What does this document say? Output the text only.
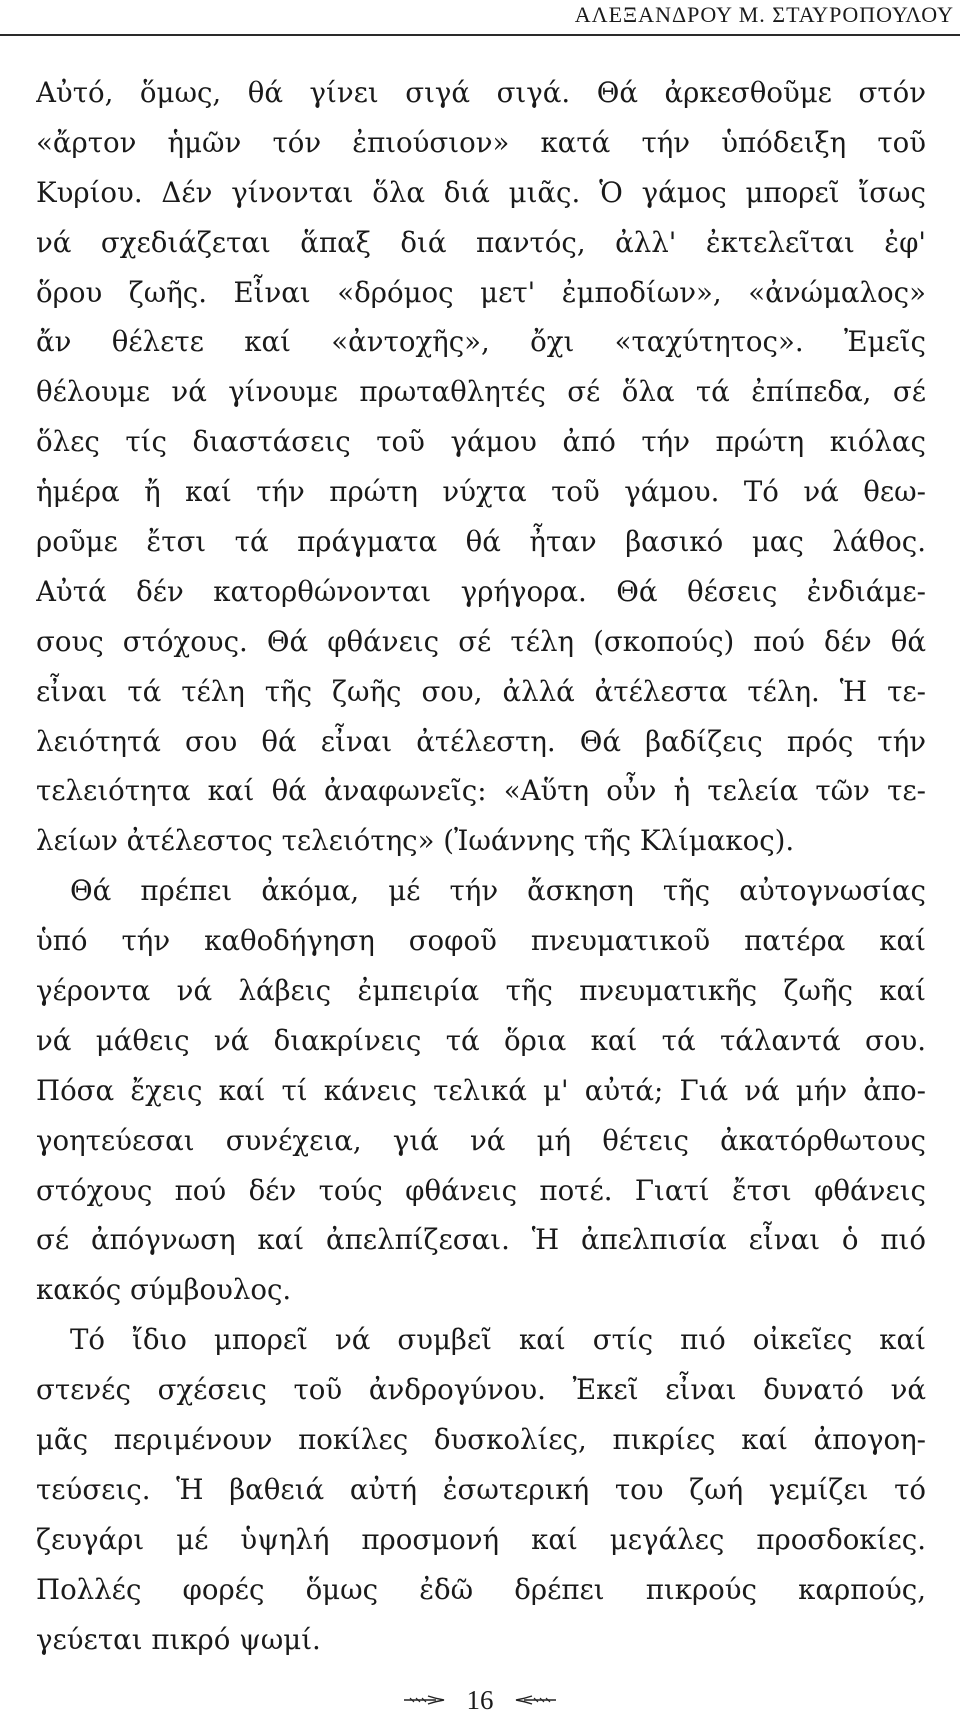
ΑΛΕΞΑΝΔΡΟΥ Μ. ΣΤΑΥΡΟΠΟΥΛΟΥ
Αὐτό, ὅμως, θά γίνει σιγά σιγά. Θά ἀρκεσθοῦμε στόν
«ἄρτον ἡμῶν τόν ἐπιούσιον» κατά τήν ὑπόδειξη τοῦ
Κυρίου. Δέν γίνονται ὅλα διά μιᾶς. Ὁ γάμος μπορεῖ ἴσως
νά σχεδιάζεται ἅπαξ διά παντός, ἀλλ' ἐκτελεῖται ἐφ'
ὅρου ζωῆς. Εἶναι «δρόμος μετ' ἐμποδίων», «ἀνώμαλος»
ἄν θέλετε καί «ἀντοχῆς», ὄχι «ταχύτητος». Ἐμεῖς
θέλουμε νά γίνουμε πρωταθλητές σέ ὅλα τά ἐπίπεδα, σέ
ὅλες τίς διαστάσεις τοῦ γάμου ἀπό τήν πρώτη κιόλας
ἡμέρα ἤ καί τήν πρώτη νύχτα τοῦ γάμου. Τό νά θεω-
ροῦμε ἔτσι τά πράγματα θά ἦταν βασικό μας λάθος.
Αὐτά δέν κατορθώνονται γρήγορα. Θά θέσεις ἐνδιάμε-
σους στόχους. Θά φθάνεις σέ τέλη (σκοπούς) πού δέν θά
εἶναι τά τέλη τῆς ζωῆς σου, ἀλλά ἀτέλεστα τέλη. Ἡ τε-
λειότητά σου θά εἶναι ἀτέλεστη. Θά βαδίζεις πρός τήν
τελειότητα καί θά ἀναφωνεῖς: «Αὕτη οὖν ἡ τελεία τῶν τε-
λείων ἀτέλεστος τελειότης» (Ἰωάννης τῆς Κλίμακος).
Θά πρέπει ἀκόμα, μέ τήν ἄσκηση τῆς αὐτογνωσίας
ὑπό τήν καθοδήγηση σοφοῦ πνευματικοῦ πατέρα καί
γέροντα νά λάβεις ἐμπειρία τῆς πνευματικῆς ζωῆς καί
νά μάθεις νά διακρίνεις τά ὅρια καί τά τάλαντά σου.
Πόσα ἔχεις καί τί κάνεις τελικά μ' αὐτά; Γιά νά μήν ἀπο-
γοητεύεσαι συνέχεια, γιά νά μή θέτεις ἀκατόρθωτους
στόχους πού δέν τούς φθάνεις ποτέ. Γιατί ἔτσι φθάνεις
σέ ἀπόγνωση καί ἀπελπίζεσαι. Ἡ ἀπελπισία εἶναι ὁ πιό
κακός σύμβουλος.
Τό ἴδιο μπορεῖ νά συμβεῖ καί στίς πιό οἰκεῖες καί
στενές σχέσεις τοῦ ἀνδρογύνου. Ἐκεῖ εἶναι δυνατό νά
μᾶς περιμένουν ποκίλες δυσκολίες, πικρίες καί ἀπογοη-
τεύσεις. Ἡ βαθειά αὐτή ἐσωτερική του ζωή γεμίζει τό
ζευγάρι μέ ὑψηλή προσμονή καί μεγάλες προσδοκίες.
Πολλές φορές ὅμως ἐδῶ δρέπει πικρούς καρπούς,
γεύεται πικρό ψωμί.
16
